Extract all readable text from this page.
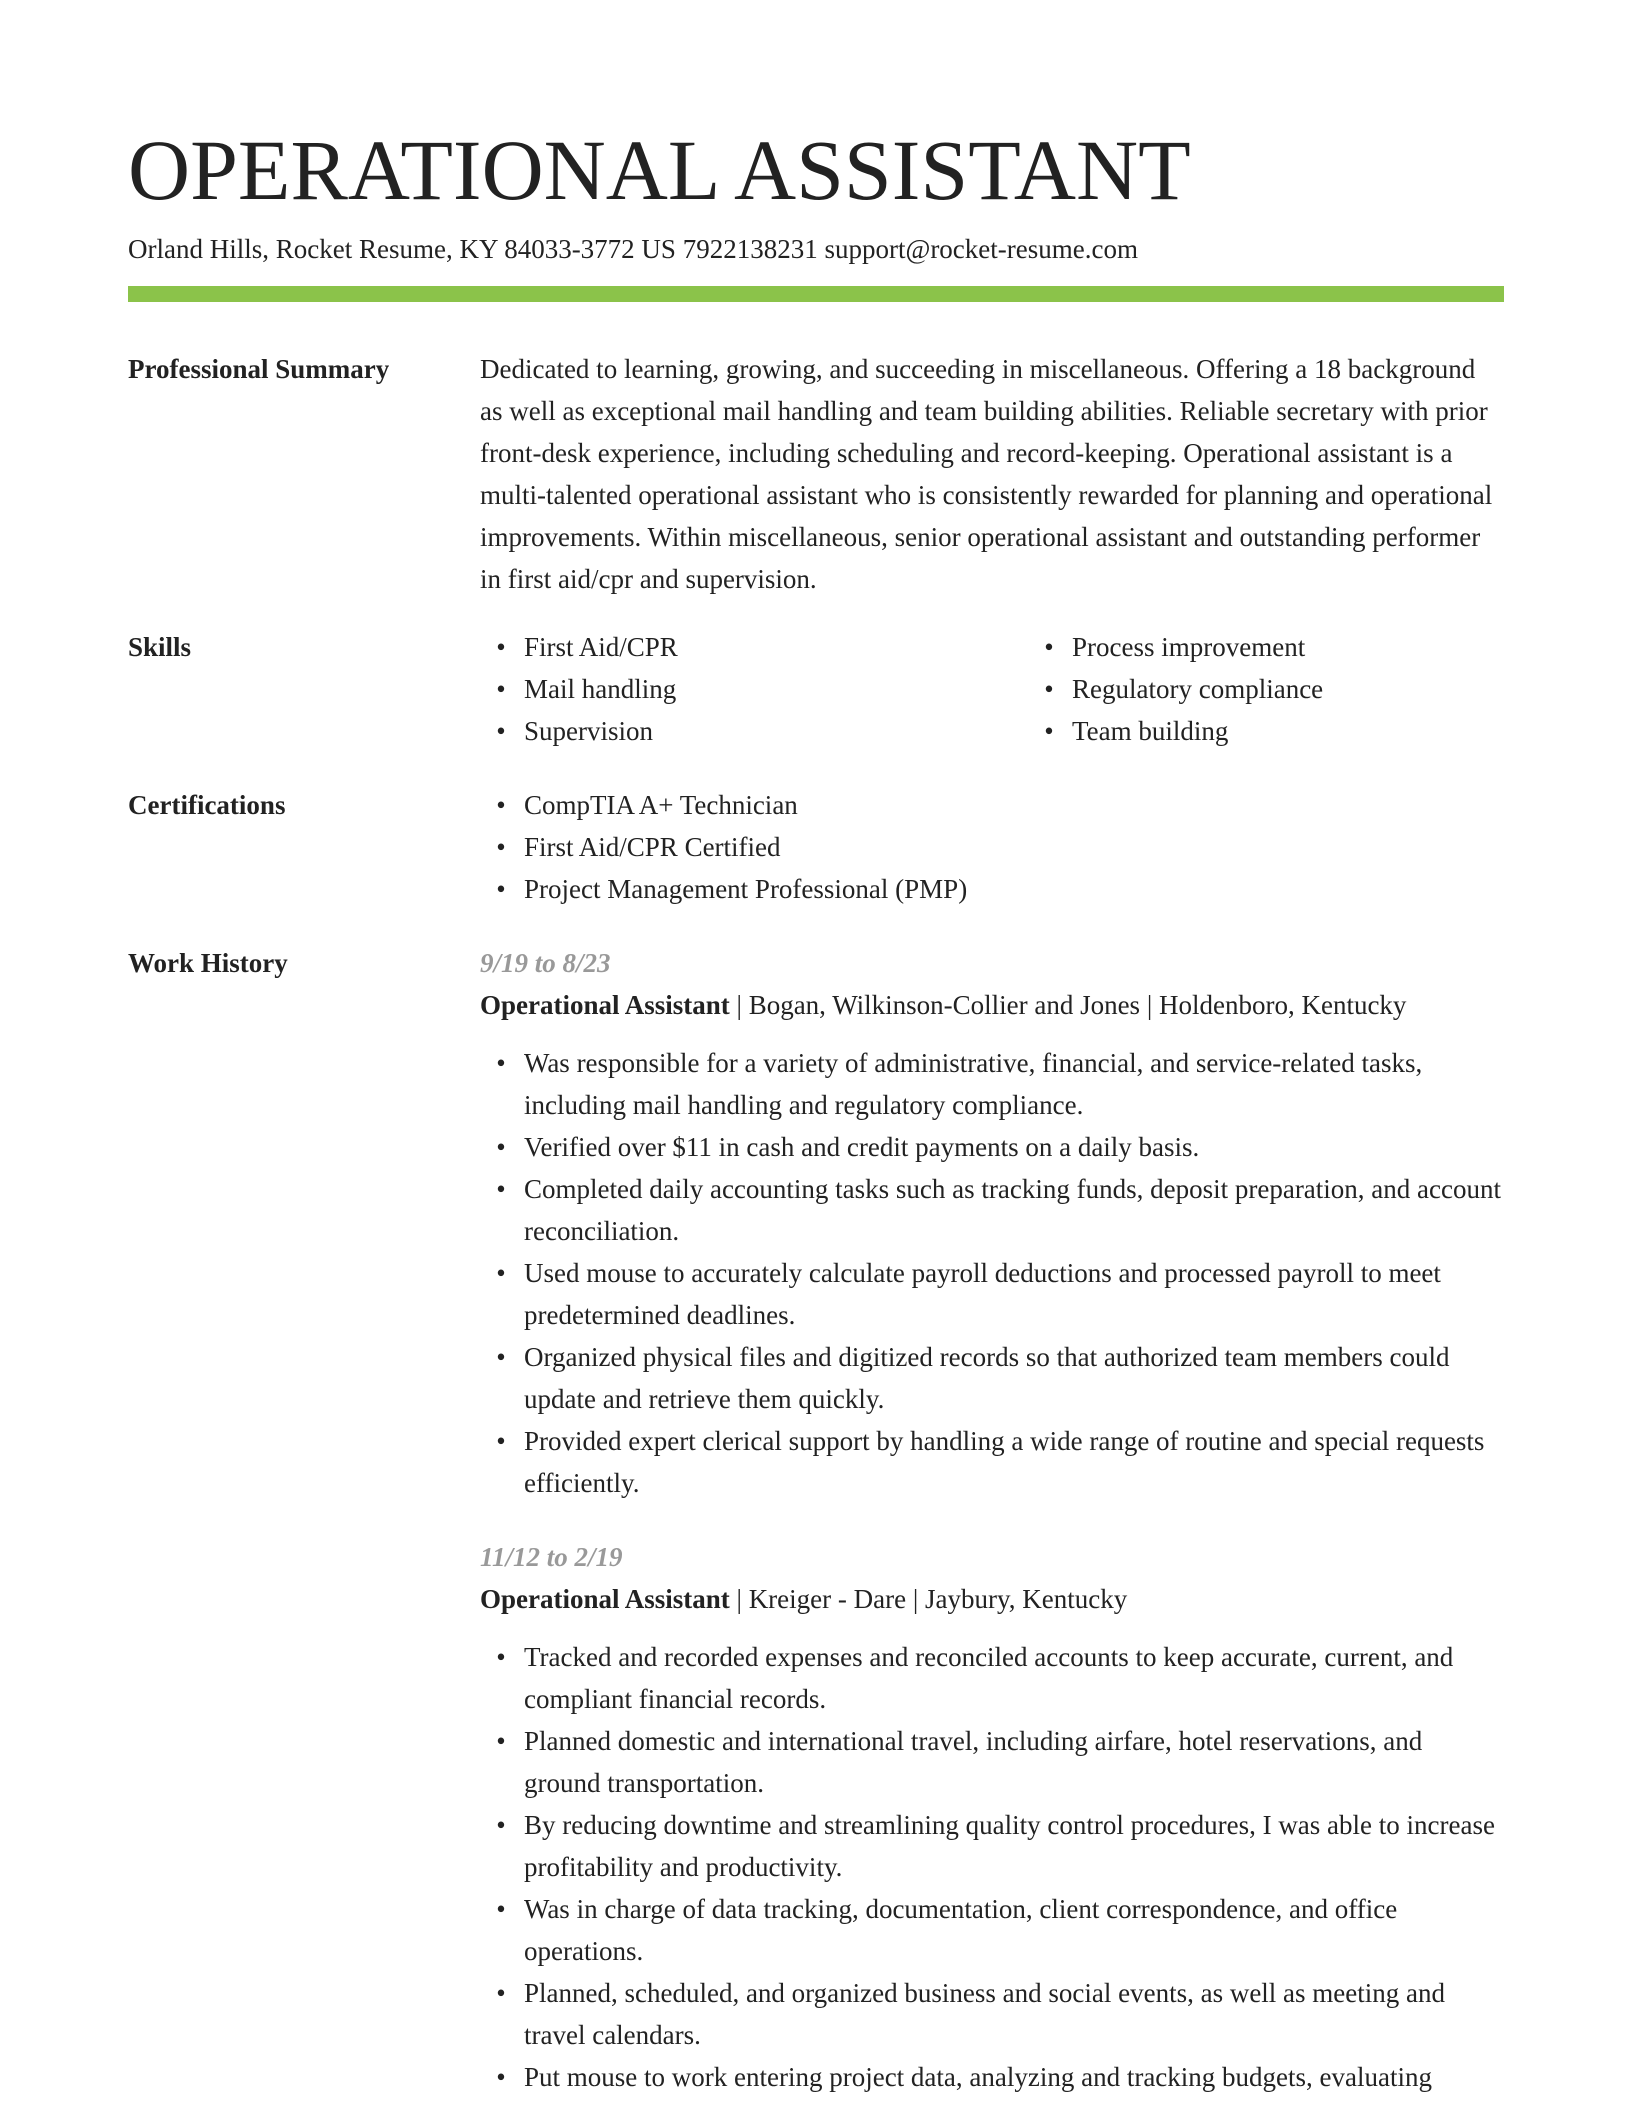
OPERATIONAL ASSISTANT
Orland Hills, Rocket Resume, KY 84033-3772 US 7922138231 support@rocket-resume.com
Professional Summary	Dedicated to learning, growing, and succeeding in miscellaneous. Offering a 18 background as well as exceptional mail handling and team building abilities. Reliable secretary with prior front-desk experience, including scheduling and record-keeping. Operational assistant is a multi-talented operational assistant who is consistently rewarded for planning and operational improvements. Within miscellaneous, senior operational assistant and outstanding performer in first aid/cpr and supervision.

Skills	• First Aid/CPR
• Mail handling
• Supervision
• Process improvement
• Regulatory compliance
• Team building
Certifications	• CompTIA A+ Technician
• First Aid/CPR Certified
• Project Management Professional (PMP)
Work History	9/19 to 8/23
Operational Assistant | Bogan, Wilkinson-Collier and Jones | Holdenboro, Kentucky
• Was responsible for a variety of administrative, financial, and service-related tasks, including mail handling and regulatory compliance.
• Verified over $11 in cash and credit payments on a daily basis.
• Completed daily accounting tasks such as tracking funds, deposit preparation, and account reconciliation.
• Used mouse to accurately calculate payroll deductions and processed payroll to meet predetermined deadlines.
• Organized physical files and digitized records so that authorized team members could update and retrieve them quickly.
• Provided expert clerical support by handling a wide range of routine and special requests efficiently.
11/12 to 2/19
Operational Assistant | Kreiger - Dare | Jaybury, Kentucky
• Tracked and recorded expenses and reconciled accounts to keep accurate, current, and compliant financial records.
• Planned domestic and international travel, including airfare, hotel reservations, and ground transportation.
• By reducing downtime and streamlining quality control procedures, I was able to increase profitability and productivity.
• Was in charge of data tracking, documentation, client correspondence, and office operations.
• Planned, scheduled, and organized business and social events, as well as meeting and travel calendars.
• Put mouse to work entering project data, analyzing and tracking budgets, evaluating
